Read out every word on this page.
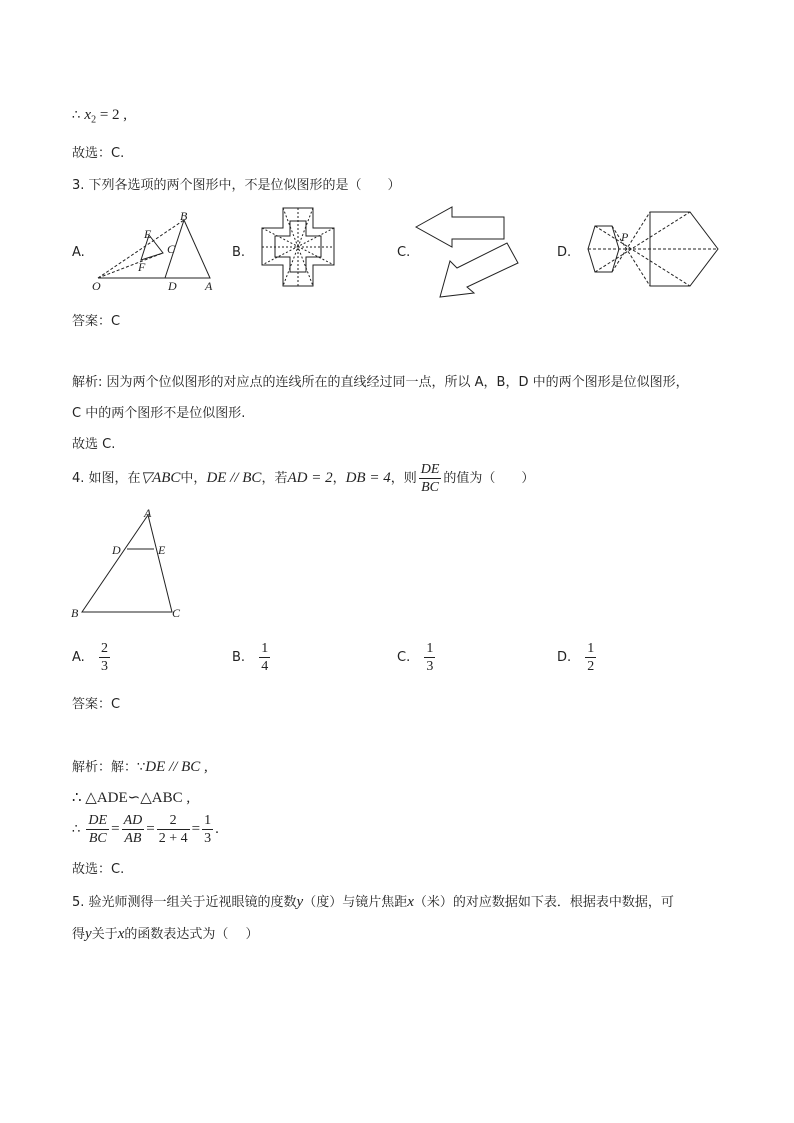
∴ $x_2 = 2$ ,
故选：C.
3. 下列各选项的两个图形中，不是位似图形的是（　　）
A.
B
E
C
F
O	D A
B.	C.	D.
P
答案：C
解析: 因为两个位似图形的对应点的连线所在的直线经过同一点，所以 A，B，D 中的两个图形是位似图形，
C 中的两个图形不是位似图形.
故选 C.
4. 如图，在▽ABC中，DE // BC，若AD = 2，DB = 4，则 $\frac{DE}{BC}$ 的值为（　　）
A
D	E
B	C
A. $\frac{2}{3}$	B. $\frac{1}{4}$	C. $\frac{1}{3}$	D. $\frac{1}{2}$
答案：C
解析：解：∵DE // BC ,
∴ △ADE∽△ABC ,
∴ $\frac{DE}{BC} = \frac{AD}{AB} = \frac{2}{2 + 4} = \frac{1}{3}$ .
故选：C.
5. 验光师测得一组关于近视眼镜的度数y（度）与镜片焦距x（米）的对应数据如下表．根据表中数据，可
得y关于x的函数表达式为（　 ）
